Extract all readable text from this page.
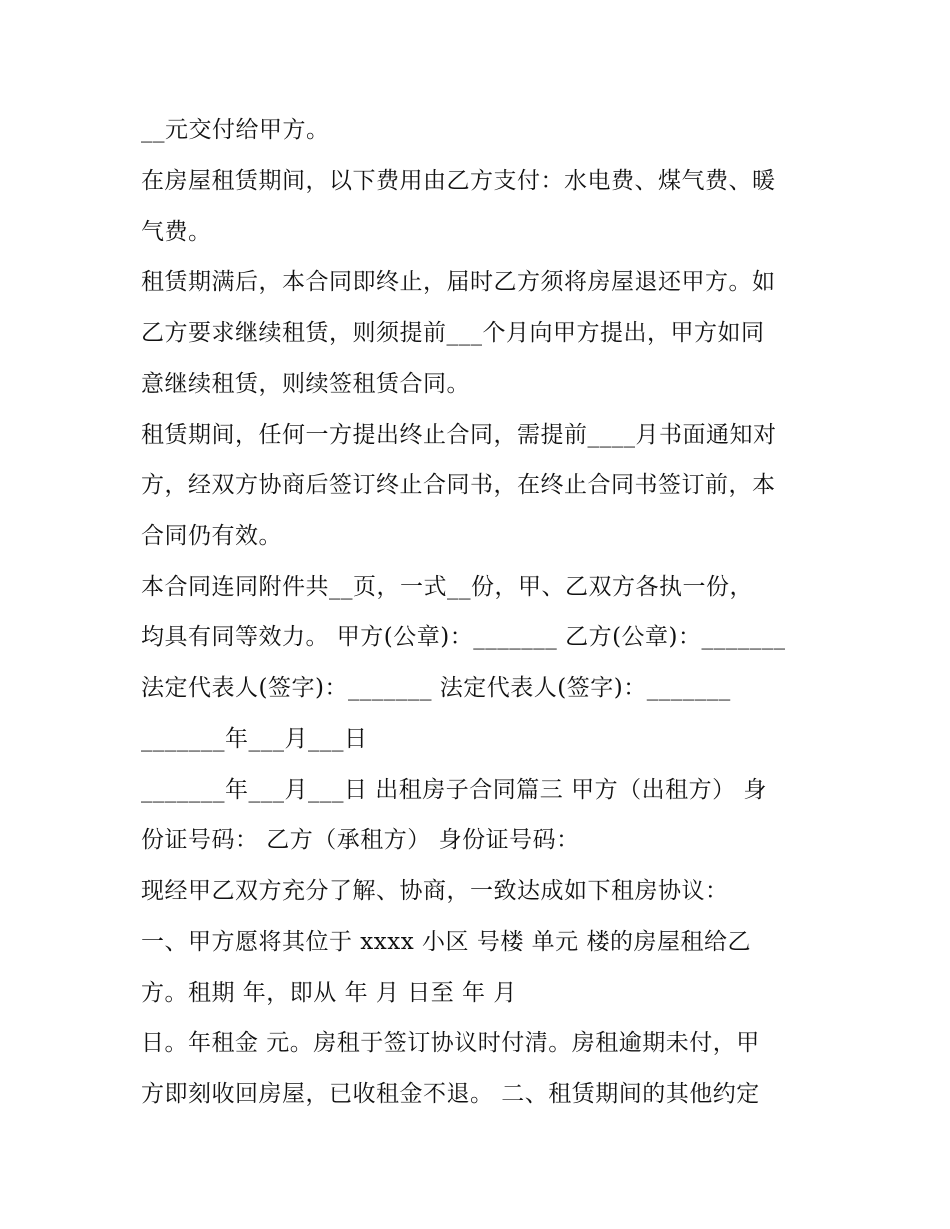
__元交付给甲方。
在房屋租赁期间，以下费用由乙方支付：水电费、煤气费、暖
气费。
租赁期满后，本合同即终止，届时乙方须将房屋退还甲方。如
乙方要求继续租赁，则须提前___个月向甲方提出，甲方如同
意继续租赁，则续签租赁合同。
租赁期间，任何一方提出终止合同，需提前____月书面通知对
方，经双方协商后签订终止合同书，在终止合同书签订前，本
合同仍有效。
本合同连同附件共__页，一式__份，甲、乙双方各执一份，
均具有同等效力。 甲方(公章)：_______ 乙方(公章)：_______
法定代表人(签字)：_______ 法定代表人(签字)：_______
_______年___月___日
_______年___月___日 出租房子合同篇三 甲方（出租方） 身
份证号码： 乙方（承租方） 身份证号码：
现经甲乙双方充分了解、协商，一致达成如下租房协议：
一、甲方愿将其位于 xxxx 小区 号楼 单元 楼的房屋租给乙
方。租期 年，即从 年 月 日至 年 月
日。年租金 元。房租于签订协议时付清。房租逾期未付，甲
方即刻收回房屋，已收租金不退。 二、租赁期间的其他约定
